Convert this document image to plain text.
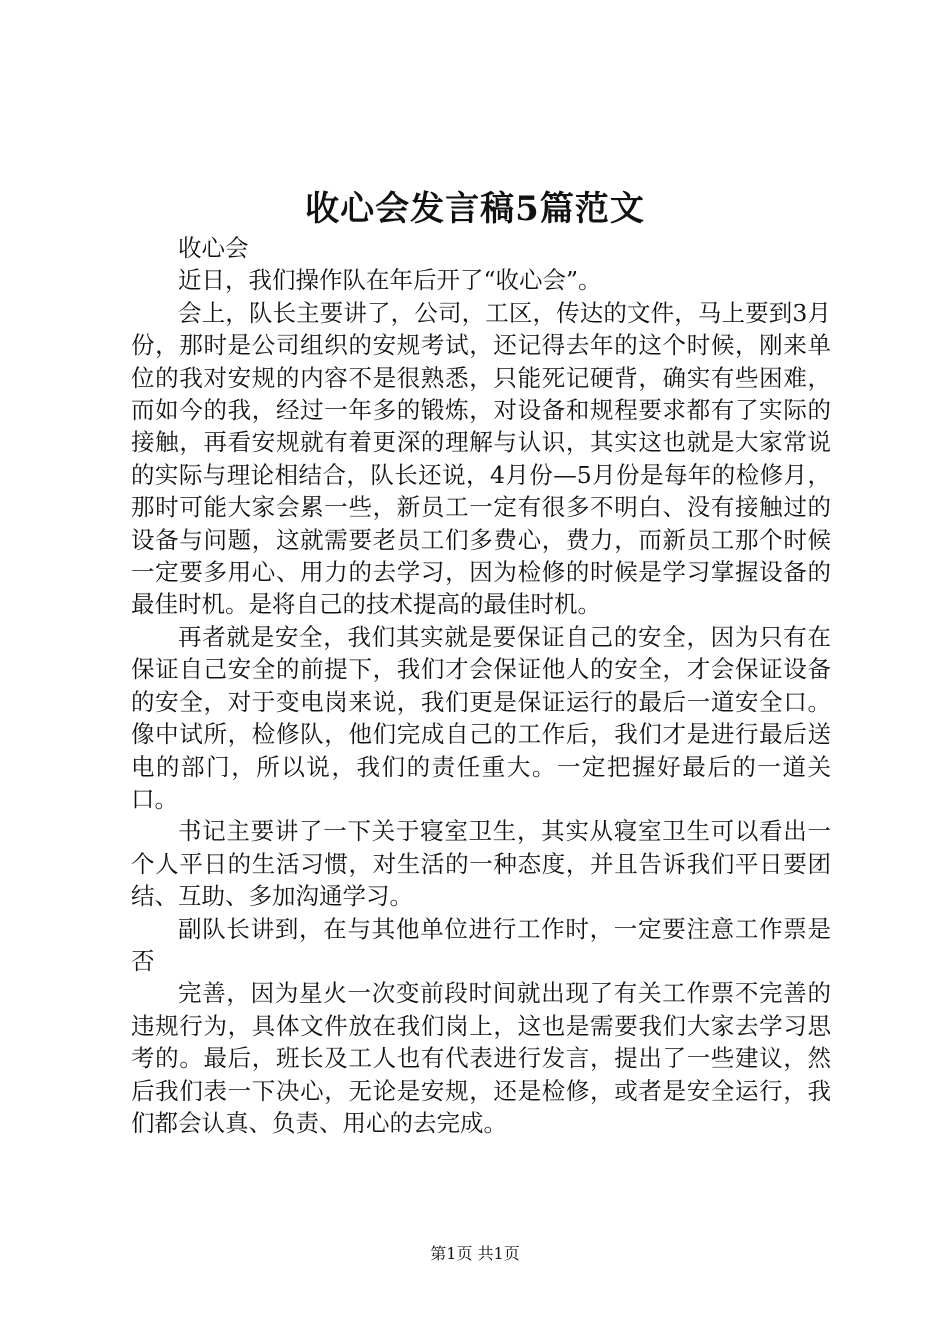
收心会发言稿5篇范文

收心会

近日，我们操作队在年后开了“收心会”。

会上，队长主要讲了，公司，工区，传达的文件，马上要到3月份，那时是公司组织的安规考试，还记得去年的这个时候，刚来单位的我对安规的内容不是很熟悉，只能死记硬背，确实有些困难，而如今的我，经过一年多的锻炼，对设备和规程要求都有了实际的接触，再看安规就有着更深的理解与认识，其实这也就是大家常说的实际与理论相结合，队长还说，4月份—5月份是每年的检修月，那时可能大家会累一些，新员工一定有很多不明白、没有接触过的设备与问题，这就需要老员工们多费心，费力，而新员工那个时候一定要多用心、用力的去学习，因为检修的时候是学习掌握设备的最佳时机。是将自己的技术提高的最佳时机。

再者就是安全，我们其实就是要保证自己的安全，因为只有在保证自己安全的前提下，我们才会保证他人的安全，才会保证设备的安全，对于变电岗来说，我们更是保证运行的最后一道安全口。像中试所，检修队，他们完成自己的工作后，我们才是进行最后送电的部门，所以说，我们的责任重大。一定把握好最后的一道关口。

书记主要讲了一下关于寝室卫生，其实从寝室卫生可以看出一个人平日的生活习惯，对生活的一种态度，并且告诉我们平日要团结、互助、多加沟通学习。

副队长讲到，在与其他单位进行工作时，一定要注意工作票是否

完善，因为星火一次变前段时间就出现了有关工作票不完善的违规行为，具体文件放在我们岗上，这也是需要我们大家去学习思考的。最后，班长及工人也有代表进行发言，提出了一些建议，然后我们表一下决心，无论是安规，还是检修，或者是安全运行，我们都会认真、负责、用心的去完成。

第1页 共1页
